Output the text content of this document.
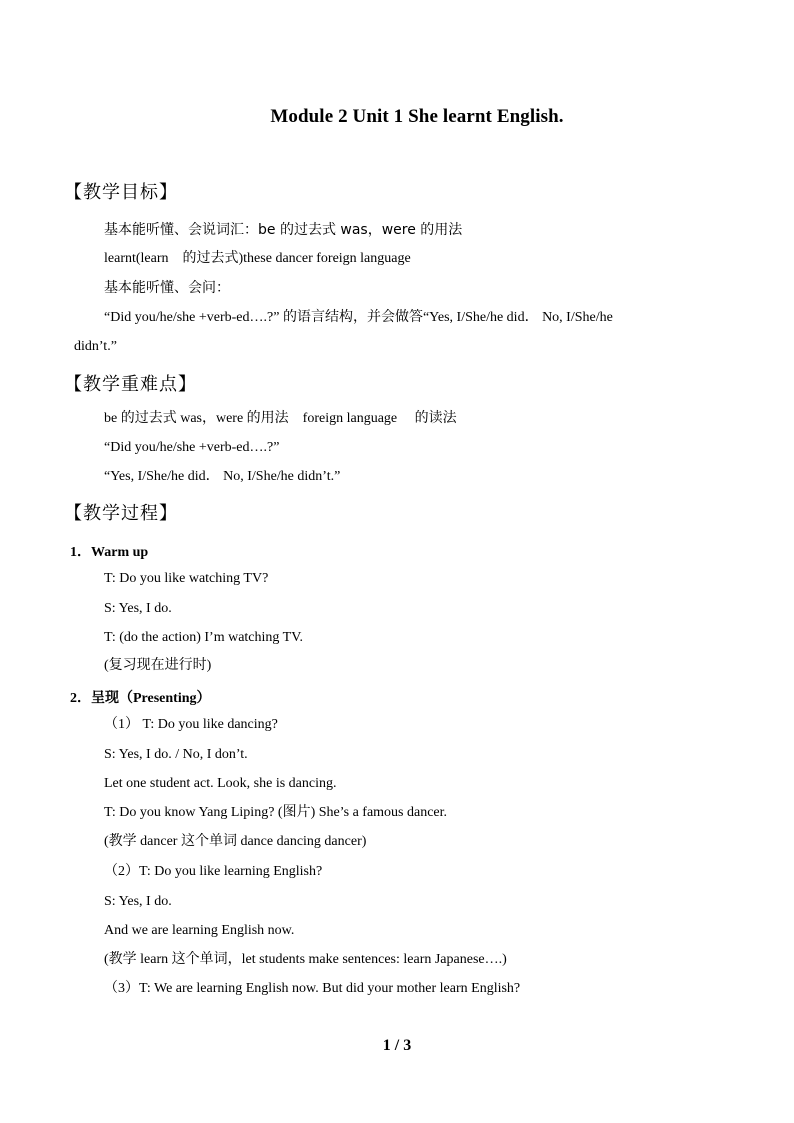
Module 2 Unit 1 She learnt English.
【教学目标】
基本能听懂、会说词汇：be 的过去式 was，were 的用法
learnt(learn　的过去式)these dancer foreign language
基本能听懂、会问：
“Did you/he/she +verb-ed….?” 的语言结构，并会做答“Yes, I/She/he did． No, I/She/he
didn’t.”
【教学重难点】
be 的过去式 was，were 的用法　foreign language　 的读法
“Did you/he/she +verb-ed….?”
“Yes, I/She/he did． No, I/She/he didn’t.”
【教学过程】
1．Warm up
T: Do you like watching TV?
S: Yes, I do.
T: (do the action) I’m watching TV.
(复习现在进行时)
2．呈现（Presenting）
（1） T: Do you like dancing?
S: Yes, I do. / No, I don’t.
Let one student act. Look, she is dancing.
T: Do you know Yang Liping? (图片) She’s a famous dancer.
(教学 dancer 这个单词 dance dancing dancer)
（2）T: Do you like learning English?
S: Yes, I do.
And we are learning English now.
(教学 learn 这个单词，let students make sentences: learn Japanese….)
（3）T: We are learning English now. But did your mother learn English?
1 / 3
